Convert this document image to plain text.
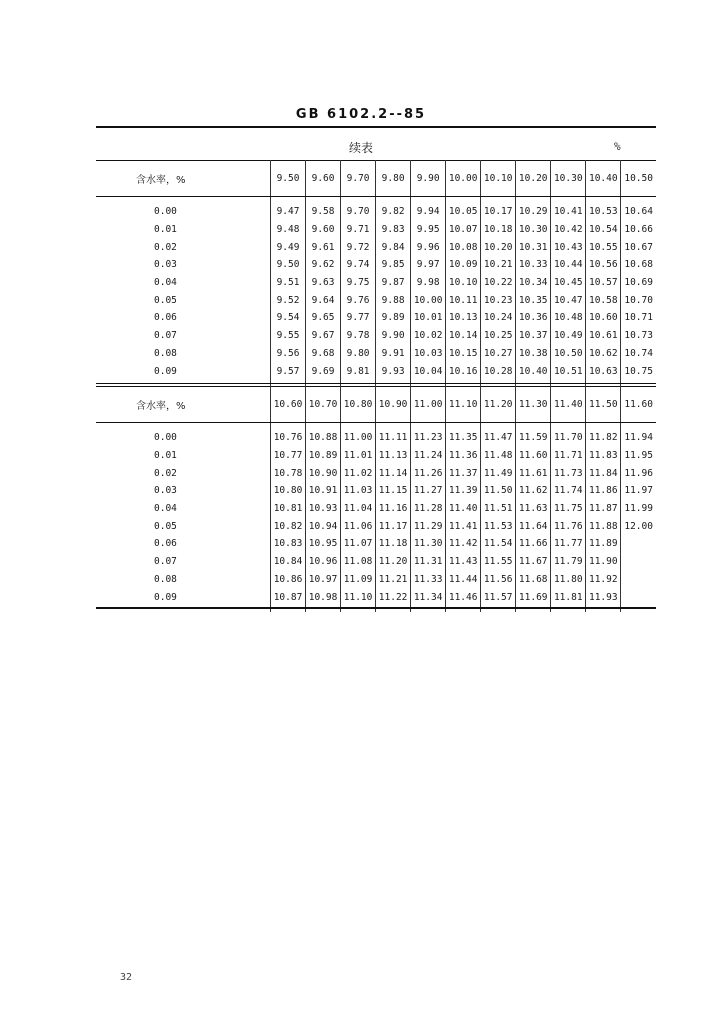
GB 6102.2--85
续表	%
含水率，%	9.50	9.60	9.70	9.80	9.90	10.00	10.10	10.20	10.30	10.40	10.50

0.00	9.47	9.58	9.70	9.82	9.94	10.05	10.17	10.29	10.41	10.53	10.64
0.01	9.48	9.60	9.71	9.83	9.95	10.07	10.18	10.30	10.42	10.54	10.66
0.02	9.49	9.61	9.72	9.84	9.96	10.08	10.20	10.31	10.43	10.55	10.67
0.03	9.50	9.62	9.74	9.85	9.97	10.09	10.21	10.33	10.44	10.56	10.68
0.04	9.51	9.63	9.75	9.87	9.98	10.10	10.22	10.34	10.45	10.57	10.69
0.05	9.52	9.64	9.76	9.88	10.00	10.11	10.23	10.35	10.47	10.58	10.70
0.06	9.54	9.65	9.77	9.89	10.01	10.13	10.24	10.36	10.48	10.60	10.71
0.07	9.55	9.67	9.78	9.90	10.02	10.14	10.25	10.37	10.49	10.61	10.73
0.08	9.56	9.68	9.80	9.91	10.03	10.15	10.27	10.38	10.50	10.62	10.74
0.09	9.57	9.69	9.81	9.93	10.04	10.16	10.28	10.40	10.51	10.63	10.75

含水率，%	10.60	10.70	10.80	10.90	11.00	11.10	11.20	11.30	11.40	11.50	11.60

0.00	10.76	10.88	11.00	11.11	11.23	11.35	11.47	11.59	11.70	11.82	11.94
0.01	10.77	10.89	11.01	11.13	11.24	11.36	11.48	11.60	11.71	11.83	11.95
0.02	10.78	10.90	11.02	11.14	11.26	11.37	11.49	11.61	11.73	11.84	11.96
0.03	10.80	10.91	11.03	11.15	11.27	11.39	11.50	11.62	11.74	11.86	11.97
0.04	10.81	10.93	11.04	11.16	11.28	11.40	11.51	11.63	11.75	11.87	11.99
0.05	10.82	10.94	11.06	11.17	11.29	11.41	11.53	11.64	11.76	11.88	12.00
0.06	10.83	10.95	11.07	11.18	11.30	11.42	11.54	11.66	11.77	11.89	
0.07	10.84	10.96	11.08	11.20	11.31	11.43	11.55	11.67	11.79	11.90	
0.08	10.86	10.97	11.09	11.21	11.33	11.44	11.56	11.68	11.80	11.92	
0.09	10.87	10.98	11.10	11.22	11.34	11.46	11.57	11.69	11.81	11.93	

32
